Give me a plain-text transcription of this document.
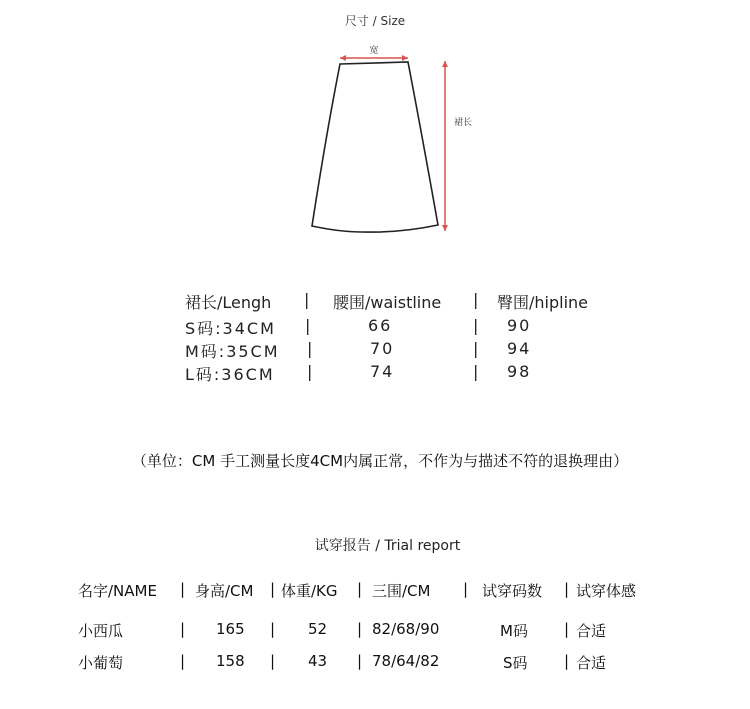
尺寸 / Size
宽
裙长
裙长/Lengh | 腰围/waistline | 臀围/hipline
S码:34CM |	66	| 90
M码:35CM |	70	| 94
L码:36CM |	74	| 98
（单位：CM 手工测量长度4CM内属正常，不作为与描述不符的退换理由）
试穿报告 / Trial report
名字/NAME | 身高/CM | 体重/KG | 三围/CM | 试穿码数 | 试穿体感
小西瓜	| 165 | 52 | 82/68/90	M码 | 合适
小葡萄	| 158 | 43 | 78/64/82	S码 | 合适
